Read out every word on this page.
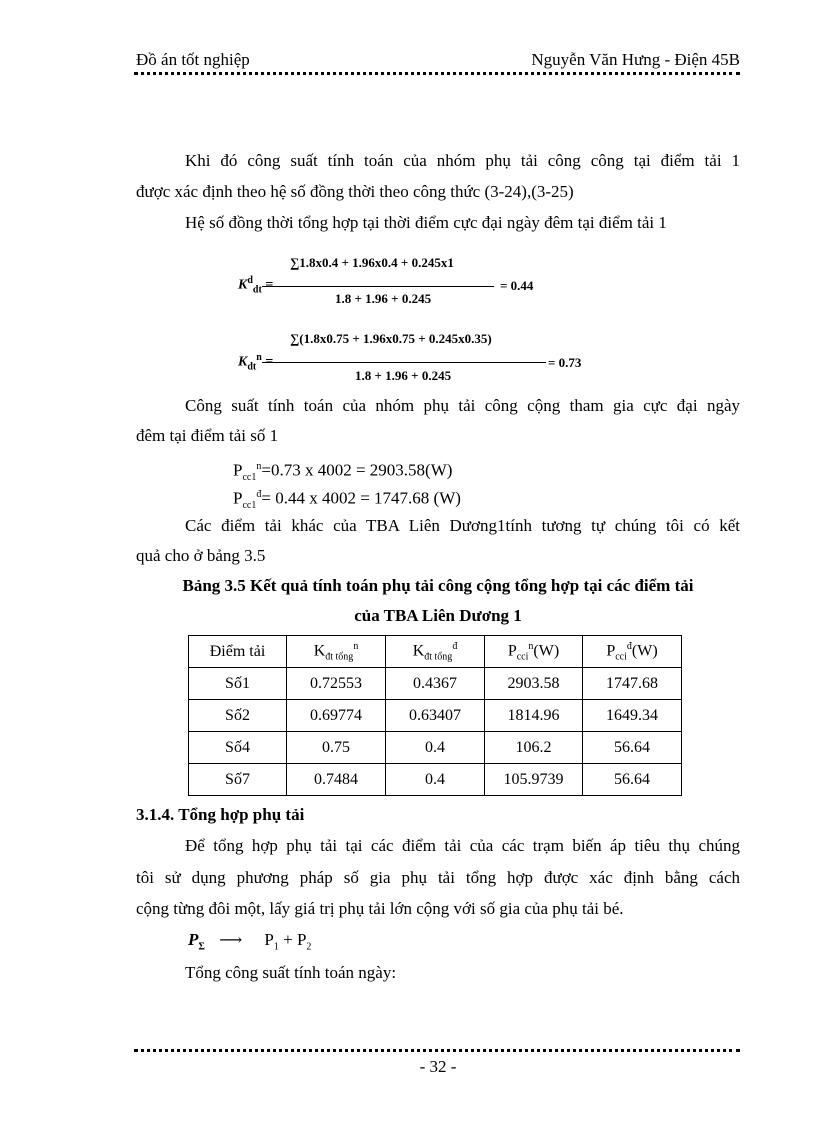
Đồ án tốt nghiệp	Nguyễn Văn Hưng - Điện 45B
Khi đó công suất tính toán của nhóm phụ tải công công tại điểm tải 1
được xác định theo hệ số đồng thời theo công thức (3-24),(3-25)
Hệ số đồng thời tổng hợp tại thời điểm cực đại ngày đêm tại điểm tải 1
$K^d_{dt}$ =
∑1.8x0.4 + 1.96x0.4 + 0.245x1
1.8 + 1.96 + 0.245
= 0.44
$K_{dt}^n$ =
∑(1.8x0.75 + 1.96x0.75 + 0.245x0.35)
1.8 + 1.96 + 0.245
= 0.73
Công suất tính toán của nhóm phụ tải công cộng tham gia cực đại ngày
đêm tại điểm tải số 1
$P_{cc1}^n=0.73$ x 4002 = 2903.58(W)
$P_{cc1}^đ= 0.44$ x 4002 = 1747.68 (W)
Các điểm tải khác của TBA Liên Dương1tính tương tự chúng tôi có kết
quả cho ở bảng 3.5
Bảng 3.5 Kết quả tính toán phụ tải công cộng tổng hợp tại các điểm tải
của TBA Liên Dương 1
Điểm tải	$K_{đt tổng}^n$	$K_{đt tổng}^đ$	$P_{cci}^n(W)$	$P_{cci}^đ(W)$
Số1	0.72553	0.4367	2903.58	1747.68
Số2	0.69774	0.63407	1814.96	1649.34
Số4	0.75	0.4	106.2	56.64
Số7	0.7484	0.4	105.9739	56.64
3.1.4. Tổng hợp phụ tải
Để tổng hợp phụ tải tại các điểm tải của các trạm biến áp tiêu thụ chúng
tôi sử dụng phương pháp số gia phụ tải tổng hợp được xác định bằng cách
cộng từng đôi một, lấy giá trị phụ tải lớn cộng với số gia của phụ tải bé.
$P_\Sigma$ ⟶ $P_1 + P_2$
Tổng công suất tính toán ngày:
- 32 -
